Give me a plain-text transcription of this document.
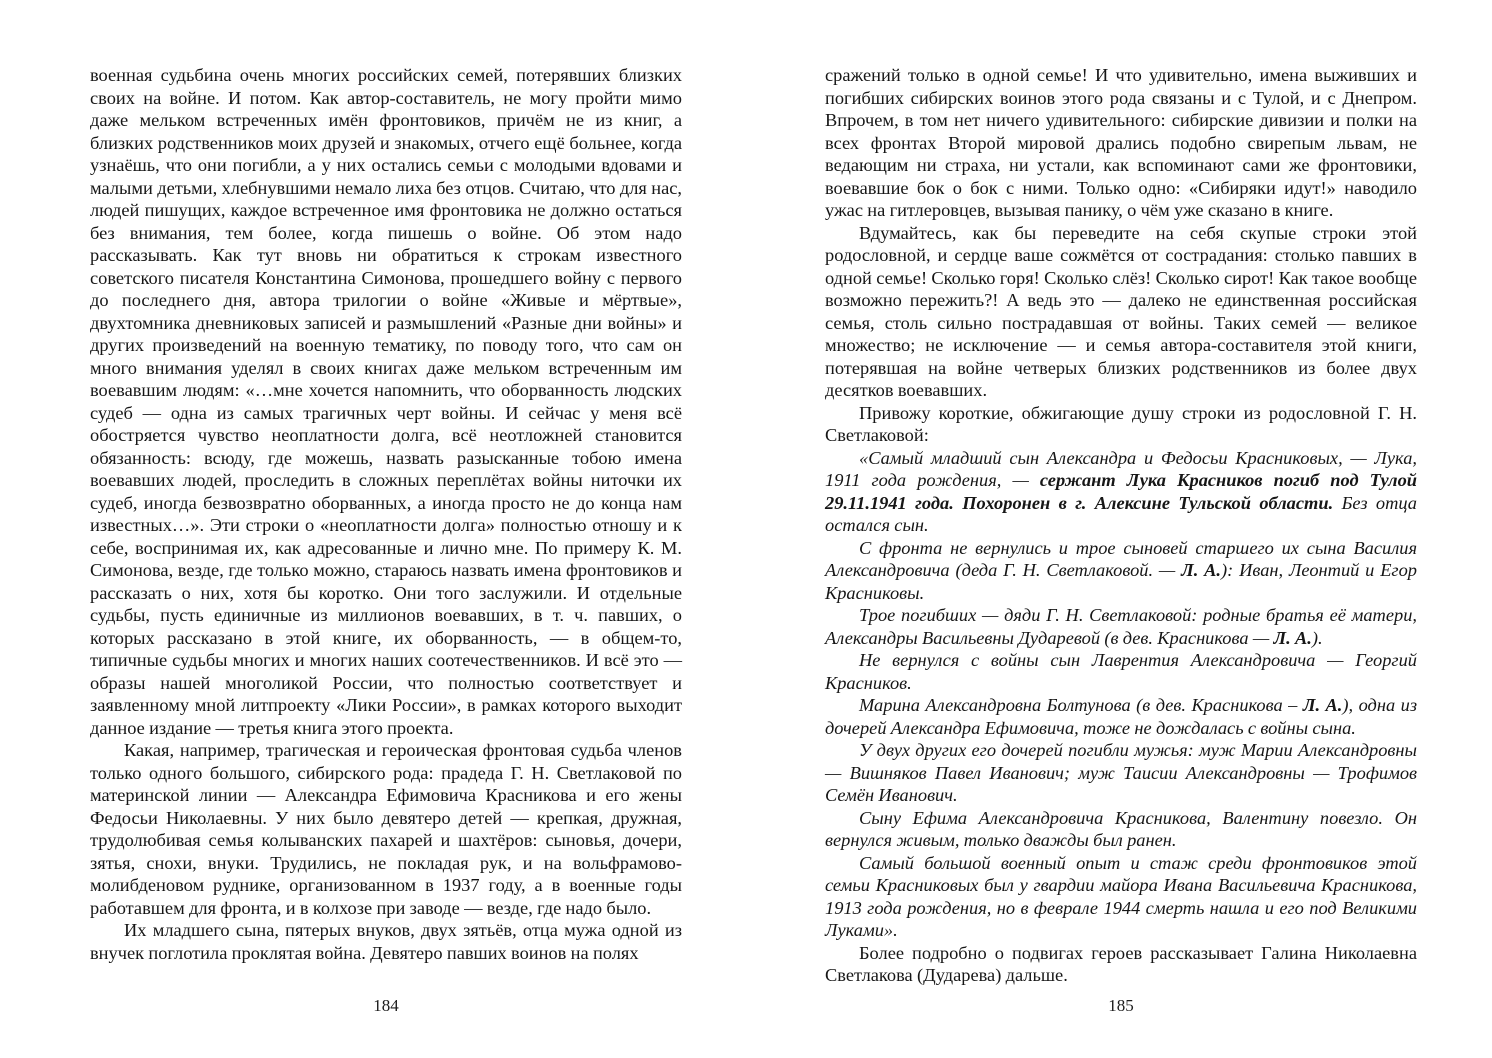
военная судьбина очень многих российских семей, потерявших близких своих на войне. И потом. Как автор-составитель, не могу пройти мимо даже мельком встреченных имён фронтовиков, причём не из книг, а близких родственников моих друзей и знакомых, отчего ещё больнее, когда узнаёшь, что они погибли, а у них остались семьи с молодыми вдовами и малыми детьми, хлебнувшими немало лиха без отцов. Считаю, что для нас, людей пишущих, каждое встреченное имя фронтовика не должно остаться без внимания, тем более, когда пишешь о войне. Об этом надо рассказывать. Как тут вновь ни обратиться к строкам известного советского писателя Константина Симонова, прошедшего войну с первого до последнего дня, автора трилогии о войне «Живые и мёртвые», двухтомника дневниковых записей и размышлений «Разные дни войны» и других произведений на военную тематику, по поводу того, что сам он много внимания уделял в своих книгах даже мельком встреченным им воевавшим людям: «…мне хочется напомнить, что оборванность людских судеб — одна из самых трагичных черт войны. И сейчас у меня всё обостряется чувство неоплатности долга, всё неотложней становится обязанность: всюду, где можешь, назвать разысканные тобою имена воевавших людей, проследить в сложных переплётах войны ниточки их судеб, иногда безвозвратно оборванных, а иногда просто не до конца нам известных…». Эти строки о «неоплатности долга» полностью отношу и к себе, воспринимая их, как адресованные и лично мне. По примеру К. М. Симонова, везде, где только можно, стараюсь назвать имена фронтовиков и рассказать о них, хотя бы коротко. Они того заслужили. И отдельные судьбы, пусть единичные из миллионов воевавших, в т. ч. павших, о которых рассказано в этой книге, их оборванность, — в общем-то, типичные судьбы многих и многих наших соотечественников. И всё это — образы нашей многоликой России, что полностью соответствует и заявленному мной литпроекту «Лики России», в рамках которого выходит данное издание — третья книга этого проекта.

Какая, например, трагическая и героическая фронтовая судьба членов только одного большого, сибирского рода: прадеда Г. Н. Светлаковой по материнской линии — Александра Ефимовича Красникова и его жены Федосьи Николаевны. У них было девятеро детей — крепкая, дружная, трудолюбивая семья колыванских пахарей и шахтёров: сыновья, дочери, зятья, снохи, внуки. Трудились, не покладая рук, и на вольфрамово-молибденовом руднике, организованном в 1937 году, а в военные годы работавшем для фронта, и в колхозе при заводе — везде, где надо было.

Их младшего сына, пятерых внуков, двух зятьёв, отца мужа одной из внучек поглотила проклятая война. Девятеро павших воинов на полях

184

сражений только в одной семье! И что удивительно, имена выживших и погибших сибирских воинов этого рода связаны и с Тулой, и с Днепром. Впрочем, в том нет ничего удивительного: сибирские дивизии и полки на всех фронтах Второй мировой дрались подобно свирепым львам, не ведающим ни страха, ни устали, как вспоминают сами же фронтовики, воевавшие бок о бок с ними. Только одно: «Сибиряки идут!» наводило ужас на гитлеровцев, вызывая панику, о чём уже сказано в книге.

Вдумайтесь, как бы переведите на себя скупые строки этой родословной, и сердце ваше сожмётся от сострадания: столько павших в одной семье! Сколько горя! Сколько слёз! Сколько сирот! Как такое вообще возможно пережить?! А ведь это — далеко не единственная российская семья, столь сильно пострадавшая от войны. Таких семей — великое множество; не исключение — и семья автора-составителя этой книги, потерявшая на войне четверых близких родственников из более двух десятков воевавших.

Привожу короткие, обжигающие душу строки из родословной Г. Н. Светлаковой:

«Самый младший сын Александра и Федосьи Красниковых, — Лука, 1911 года рождения, — сержант Лука Красников погиб под Тулой 29.11.1941 года. Похоронен в г. Алексине Тульской области. Без отца остался сын.

С фронта не вернулись и трое сыновей старшего их сына Василия Александровича (деда Г. Н. Светлаковой. — Л. А.): Иван, Леонтий и Егор Красниковы.

Трое погибших — дяди Г. Н. Светлаковой: родные братья её матери, Александры Васильевны Дударевой (в дев. Красникова — Л. А.).

Не вернулся с войны сын Лаврентия Александровича — Георгий Красников.

Марина Александровна Болтунова (в дев. Красникова – Л. А.), одна из дочерей Александра Ефимовича, тоже не дождалась с войны сына.

У двух других его дочерей погибли мужья: муж Марии Александровны — Вишняков Павел Иванович; муж Таисии Александровны — Трофимов Семён Иванович.

Сыну Ефима Александровича Красникова, Валентину повезло. Он вернулся живым, только дважды был ранен.

Самый большой военный опыт и стаж среди фронтовиков этой семьи Красниковых был у гвардии майора Ивана Васильевича Красникова, 1913 года рождения, но в феврале 1944 смерть нашла и его под Великими Луками».

Более подробно о подвигах героев рассказывает Галина Николаевна Светлакова (Дударева) дальше.

185
